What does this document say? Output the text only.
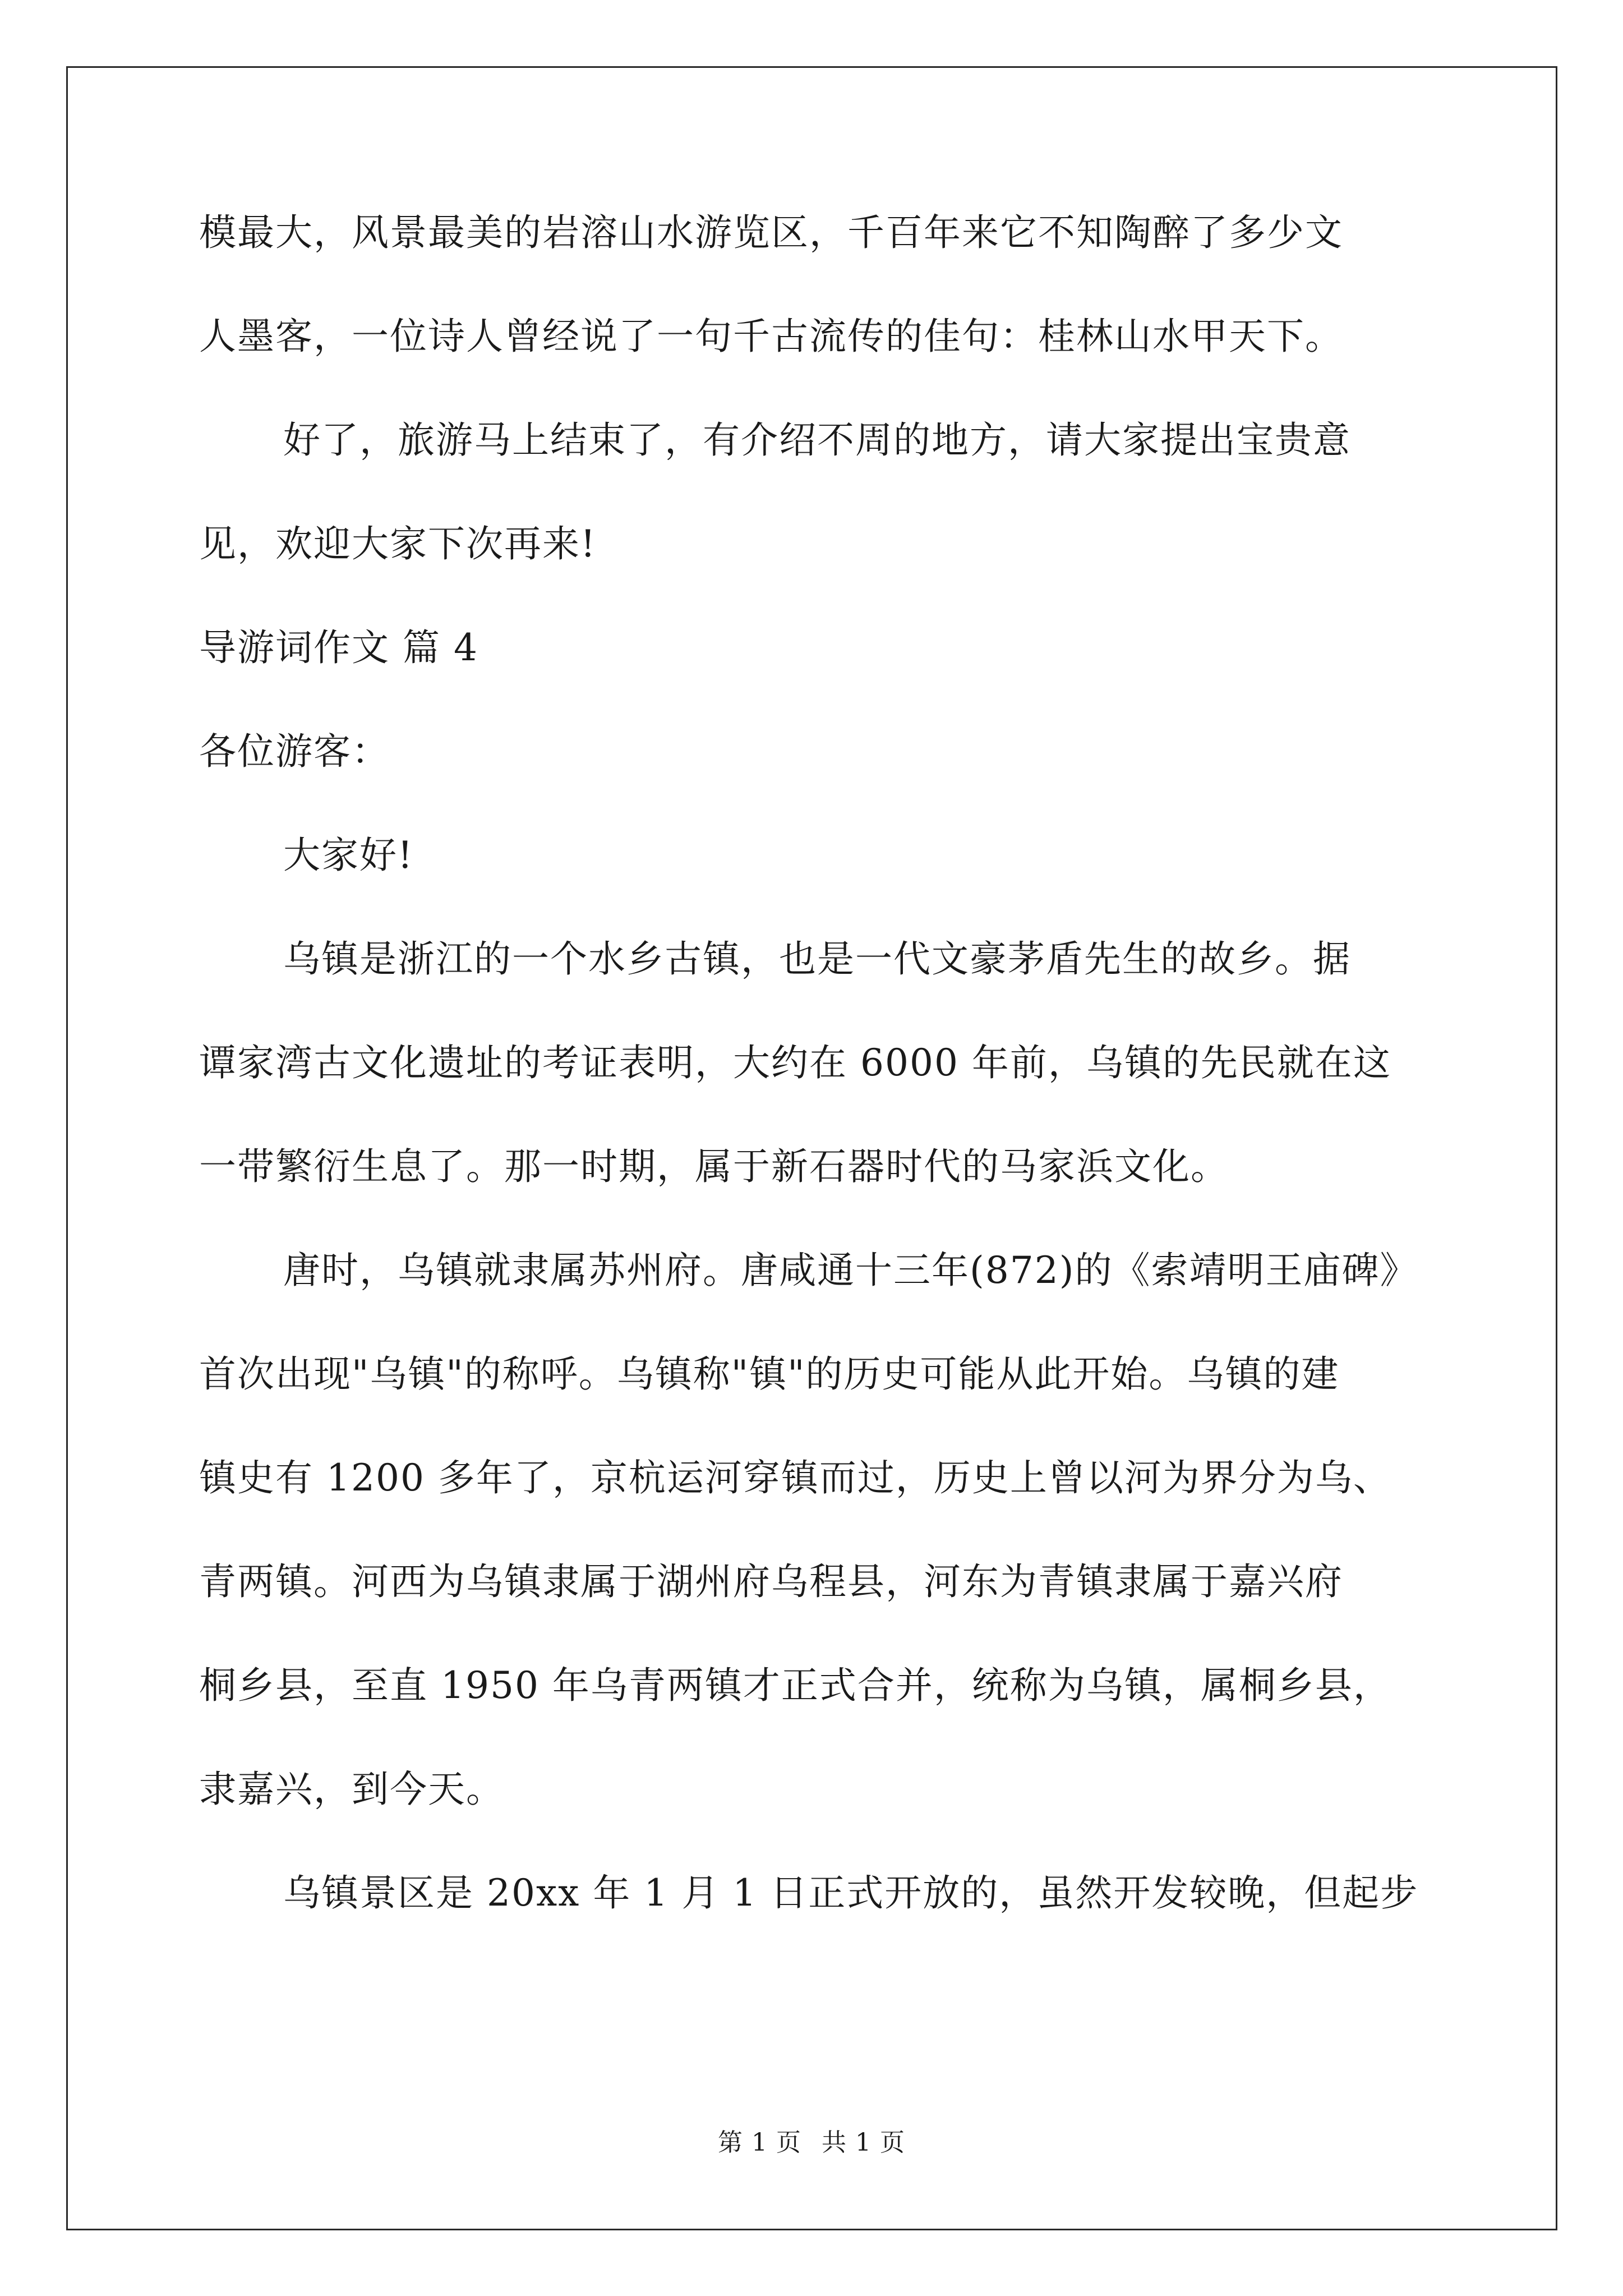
模最大，风景最美的岩溶山水游览区，千百年来它不知陶醉了多少文
人墨客，一位诗人曾经说了一句千古流传的佳句：桂林山水甲天下。
好了，旅游马上结束了，有介绍不周的地方，请大家提出宝贵意
见，欢迎大家下次再来!
导游词作文 篇 4
各位游客：
大家好!
乌镇是浙江的一个水乡古镇，也是一代文豪茅盾先生的故乡。据
谭家湾古文化遗址的考证表明，大约在 6000 年前，乌镇的先民就在这
一带繁衍生息了。那一时期，属于新石器时代的马家浜文化。
唐时，乌镇就隶属苏州府。唐咸通十三年(872)的《索靖明王庙碑》
首次出现"乌镇"的称呼。乌镇称"镇"的历史可能从此开始。乌镇的建
镇史有 1200 多年了，京杭运河穿镇而过，历史上曾以河为界分为乌、
青两镇。河西为乌镇隶属于湖州府乌程县，河东为青镇隶属于嘉兴府
桐乡县，至直 1950 年乌青两镇才正式合并，统称为乌镇，属桐乡县，
隶嘉兴，到今天。
乌镇景区是 20xx 年 1 月 1 日正式开放的，虽然开发较晚，但起步
第 1 页 共 1 页
